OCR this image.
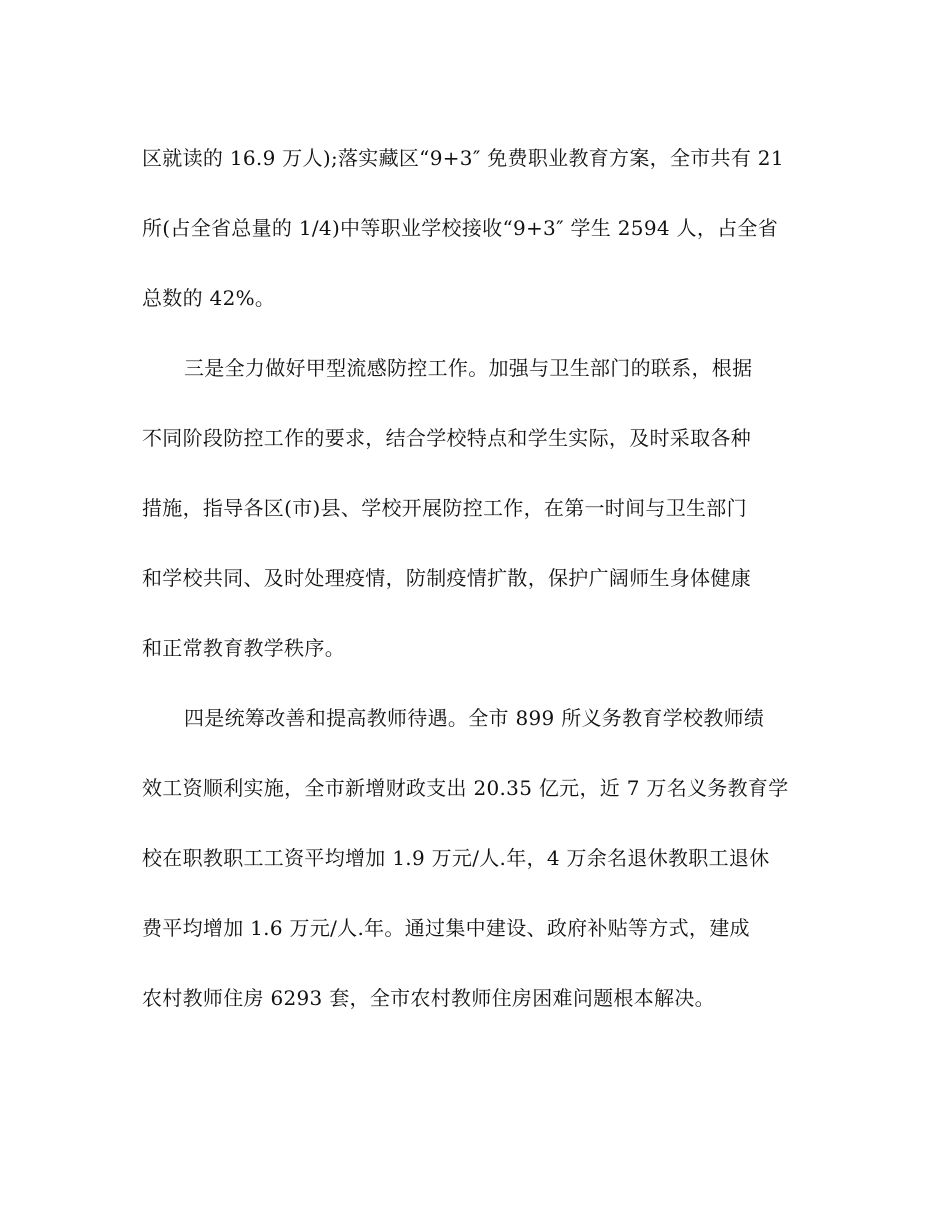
区就读的 16.9 万人);落实藏区“9+3″ 免费职业教育方案，全市共有 21
所(占全省总量的 1/4)中等职业学校接收“9+3″ 学生 2594 人，占全省
总数的 42%。
三是全力做好甲型流感防控工作。加强与卫生部门的联系，根据
不同阶段防控工作的要求，结合学校特点和学生实际，及时采取各种
措施，指导各区(市)县、学校开展防控工作，在第一时间与卫生部门
和学校共同、及时处理疫情，防制疫情扩散，保护广阔师生身体健康
和正常教育教学秩序。
四是统筹改善和提高教师待遇。全市 899 所义务教育学校教师绩
效工资顺利实施，全市新增财政支出 20.35 亿元，近 7 万名义务教育学
校在职教职工工资平均增加 1.9 万元/人.年，4 万余名退休教职工退休
费平均增加 1.6 万元/人.年。通过集中建设、政府补贴等方式，建成
农村教师住房 6293 套，全市农村教师住房困难问题根本解决。
